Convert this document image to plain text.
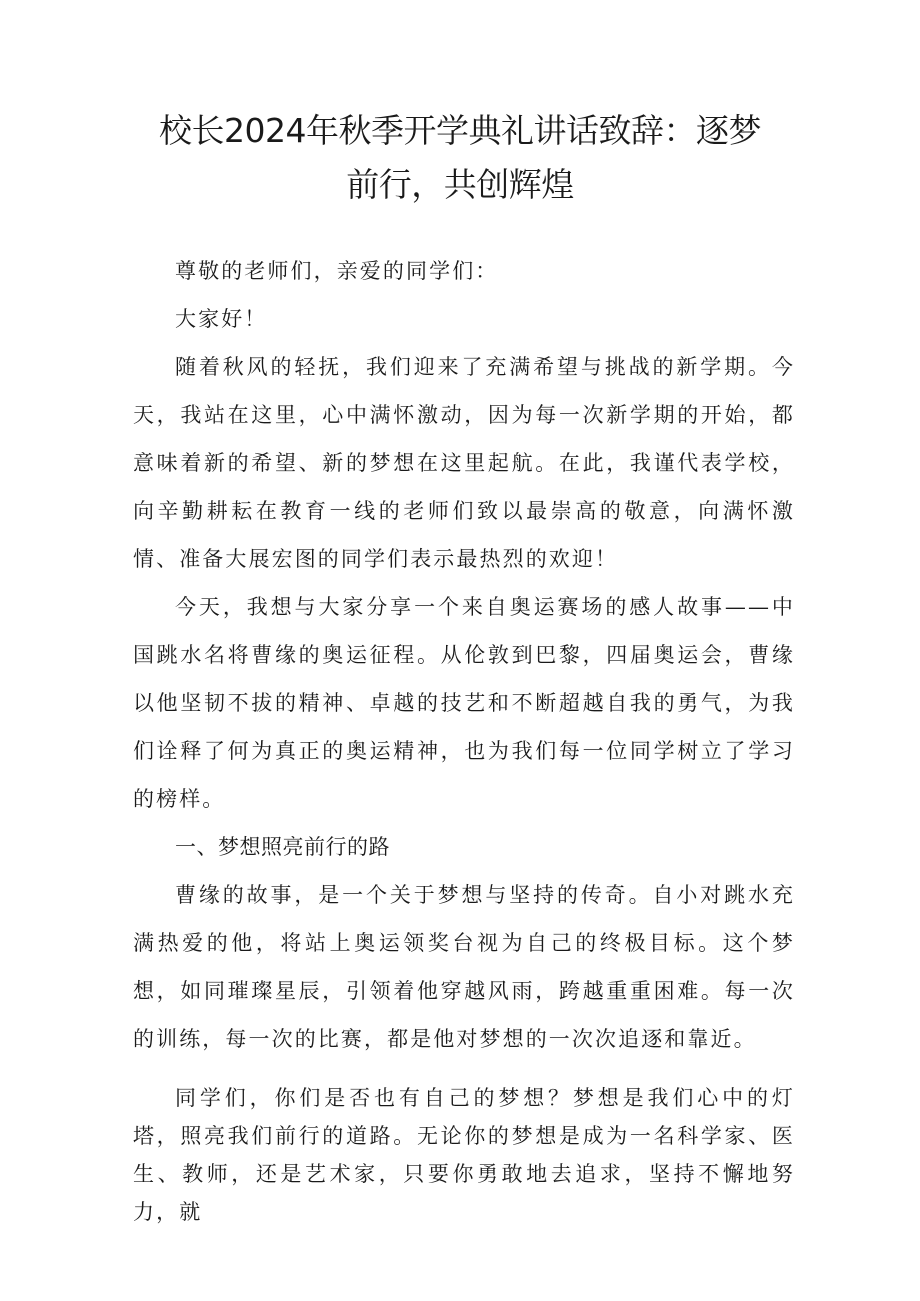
校长2024年秋季开学典礼讲话致辞：逐梦
前行，共创辉煌

尊敬的老师们，亲爱的同学们：

大家好！

随着秋风的轻抚，我们迎来了充满希望与挑战的新学期。今天，我站在这里，心中满怀激动，因为每一次新学期的开始，都意味着新的希望、新的梦想在这里起航。在此，我谨代表学校，向辛勤耕耘在教育一线的老师们致以最崇高的敬意，向满怀激情、准备大展宏图的同学们表示最热烈的欢迎！

今天，我想与大家分享一个来自奥运赛场的感人故事——中国跳水名将曹缘的奥运征程。从伦敦到巴黎，四届奥运会，曹缘以他坚韧不拔的精神、卓越的技艺和不断超越自我的勇气，为我们诠释了何为真正的奥运精神，也为我们每一位同学树立了学习的榜样。

一、梦想照亮前行的路

曹缘的故事，是一个关于梦想与坚持的传奇。自小对跳水充满热爱的他，将站上奥运领奖台视为自己的终极目标。这个梦想，如同璀璨星辰，引领着他穿越风雨，跨越重重困难。每一次的训练，每一次的比赛，都是他对梦想的一次次追逐和靠近。

同学们，你们是否也有自己的梦想？梦想是我们心中的灯塔，照亮我们前行的道路。无论你的梦想是成为一名科学家、医生、教师，还是艺术家，只要你勇敢地去追求，坚持不懈地努力，就
